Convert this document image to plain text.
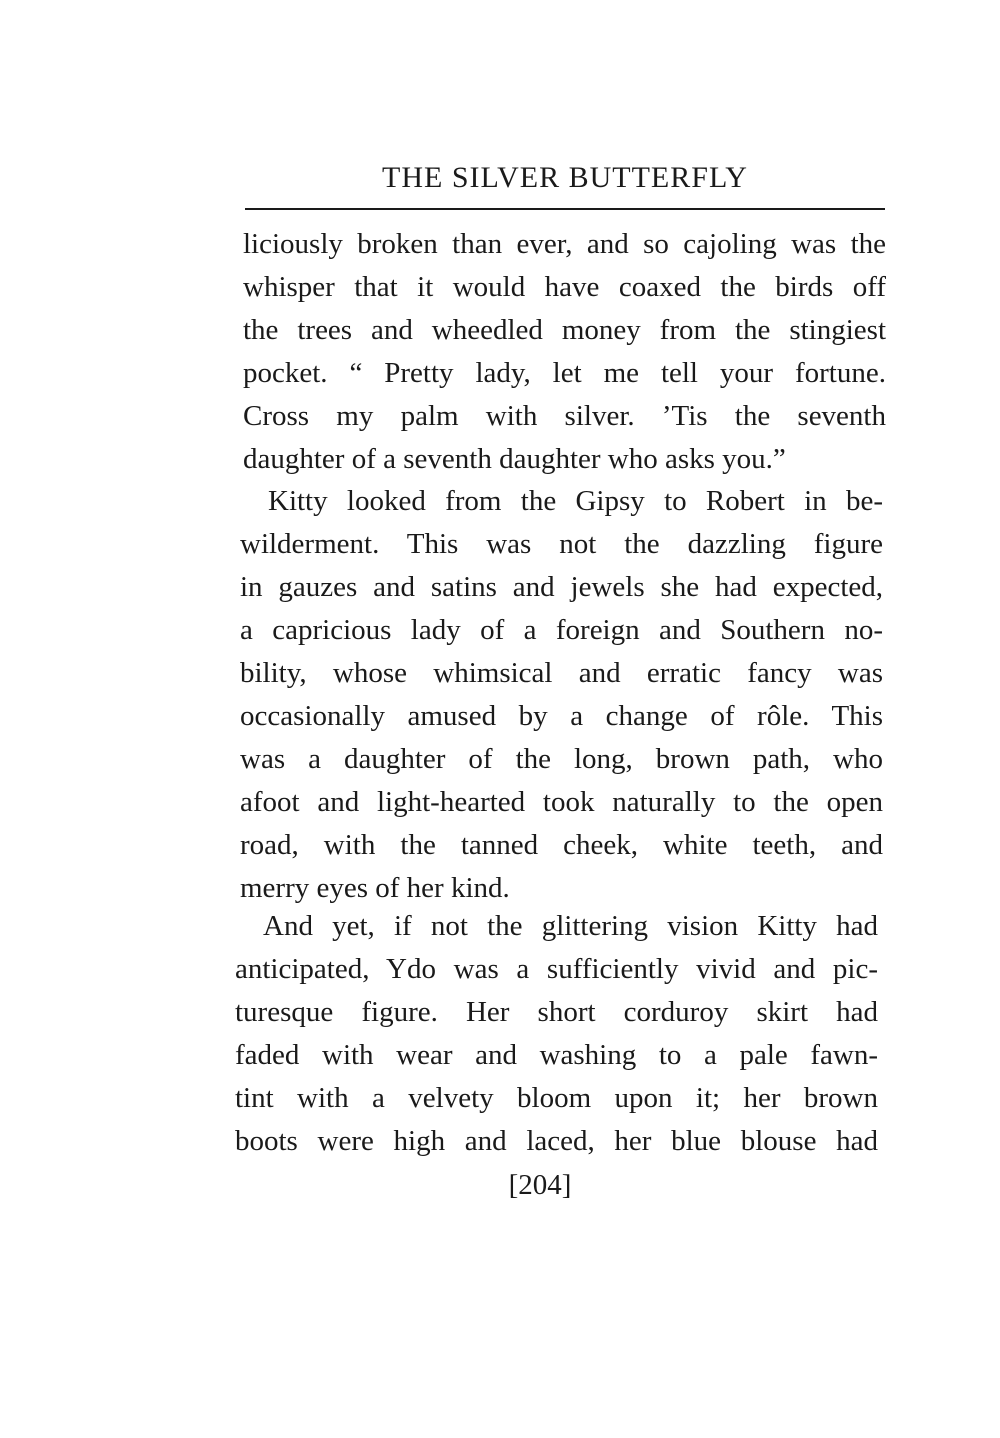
THE SILVER BUTTERFLY
liciously broken than ever, and so cajoling was the
whisper that it would have coaxed the birds off
the trees and wheedled money from the stingiest
pocket. “ Pretty lady, let me tell your fortune.
Cross my palm with silver. ’Tis the seventh
daughter of a seventh daughter who asks you.”
Kitty looked from the Gipsy to Robert in be-
wilderment. This was not the dazzling figure
in gauzes and satins and jewels she had expected,
a capricious lady of a foreign and Southern no-
bility, whose whimsical and erratic fancy was
occasionally amused by a change of rôle. This
was a daughter of the long, brown path, who
afoot and light-hearted took naturally to the open
road, with the tanned cheek, white teeth, and
merry eyes of her kind.
And yet, if not the glittering vision Kitty had
anticipated, Ydo was a sufficiently vivid and pic-
turesque figure. Her short corduroy skirt had
faded with wear and washing to a pale fawn-
tint with a velvety bloom upon it; her brown
boots were high and laced, her blue blouse had
[204]
